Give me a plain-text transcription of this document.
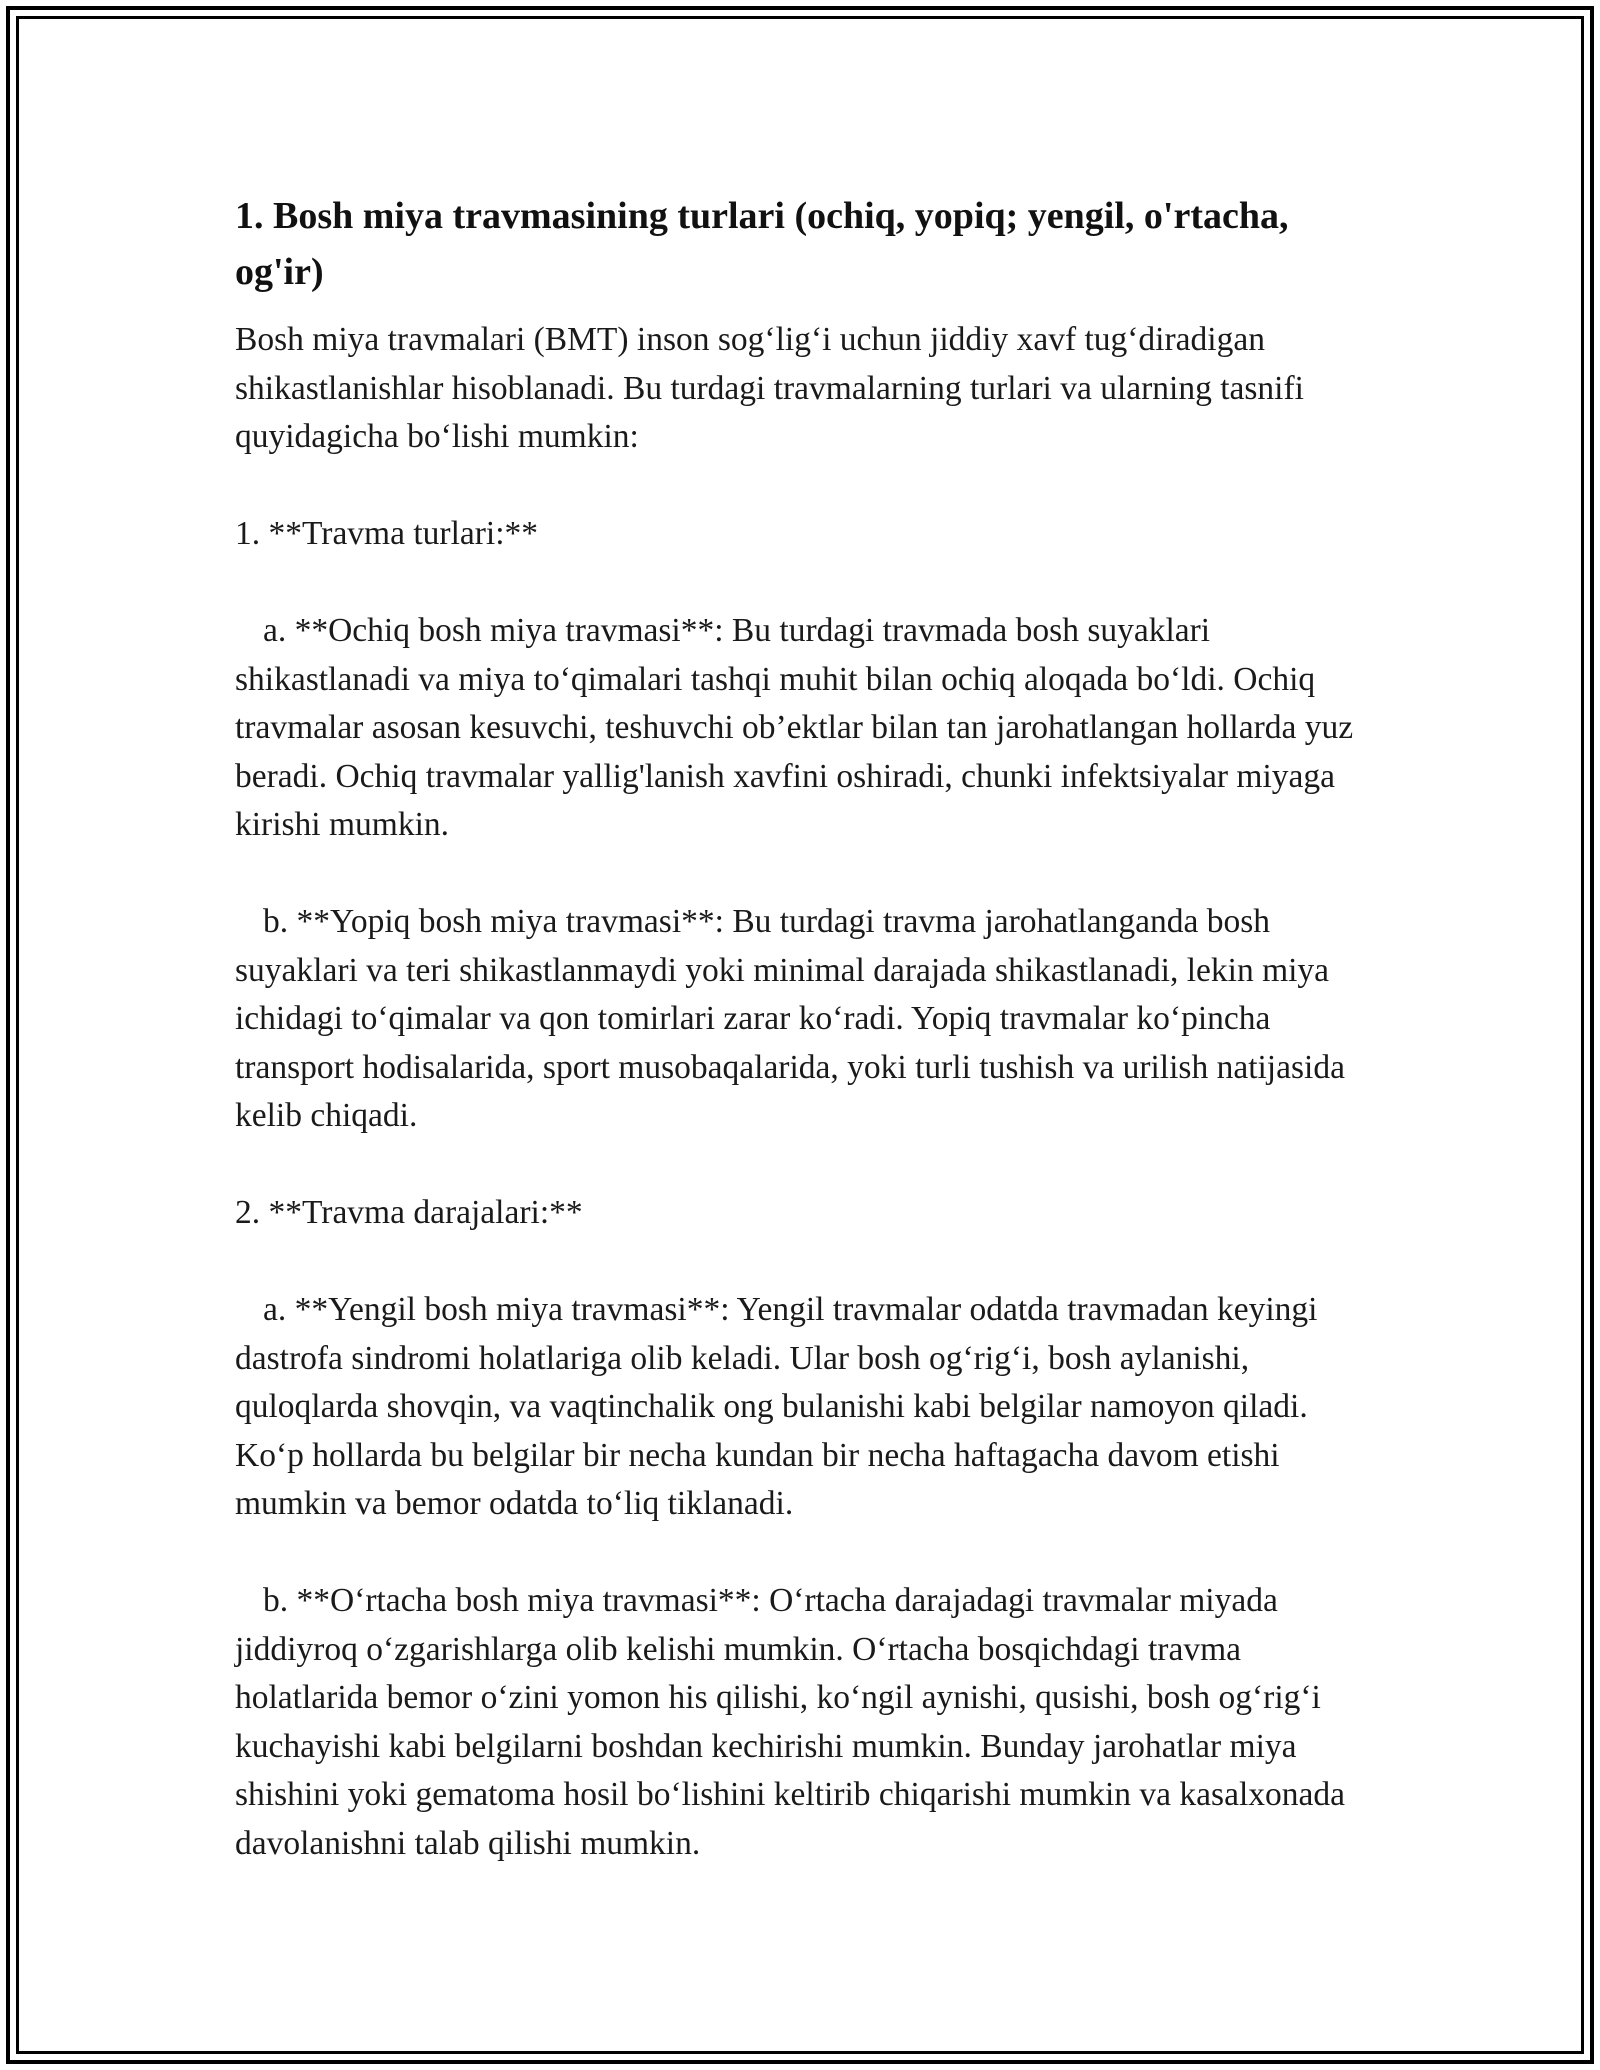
1. Bosh miya travmasining turlari (ochiq, yopiq; yengil, o'rtacha, og'ir)

Bosh miya travmalari (BMT) inson sog‘lig‘i uchun jiddiy xavf tug‘diradigan shikastlanishlar hisoblanadi. Bu turdagi travmalarning turlari va ularning tasnifi quyidagicha bo‘lishi mumkin:

1. **Travma turlari:**

a. **Ochiq bosh miya travmasi**: Bu turdagi travmada bosh suyaklari shikastlanadi va miya to‘qimalari tashqi muhit bilan ochiq aloqada bo‘ldi. Ochiq travmalar asosan kesuvchi, teshuvchi ob’ektlar bilan tan jarohatlangan hollarda yuz beradi. Ochiq travmalar yallig'lanish xavfini oshiradi, chunki infektsiyalar miyaga kirishi mumkin.

b. **Yopiq bosh miya travmasi**: Bu turdagi travma jarohatlanganda bosh suyaklari va teri shikastlanmaydi yoki minimal darajada shikastlanadi, lekin miya ichidagi to‘qimalar va qon tomirlari zarar ko‘radi. Yopiq travmalar ko‘pincha transport hodisalarida, sport musobaqalarida, yoki turli tushish va urilish natijasida kelib chiqadi.

2. **Travma darajalari:**

a. **Yengil bosh miya travmasi**: Yengil travmalar odatda travmadan keyingi dastrofa sindromi holatlariga olib keladi. Ular bosh og‘rig‘i, bosh aylanishi, quloqlarda shovqin, va vaqtinchalik ong bulanishi kabi belgilar namoyon qiladi. Ko‘p hollarda bu belgilar bir necha kundan bir necha haftagacha davom etishi mumkin va bemor odatda to‘liq tiklanadi.

b. **O‘rtacha bosh miya travmasi**: O‘rtacha darajadagi travmalar miyada jiddiyroq o‘zgarishlarga olib kelishi mumkin. O‘rtacha bosqichdagi travma holatlarida bemor o‘zini yomon his qilishi, ko‘ngil aynishi, qusishi, bosh og‘rig‘i kuchayishi kabi belgilarni boshdan kechirishi mumkin. Bunday jarohatlar miya shishini yoki gematoma hosil bo‘lishini keltirib chiqarishi mumkin va kasalxonada davolanishni talab qilishi mumkin.
